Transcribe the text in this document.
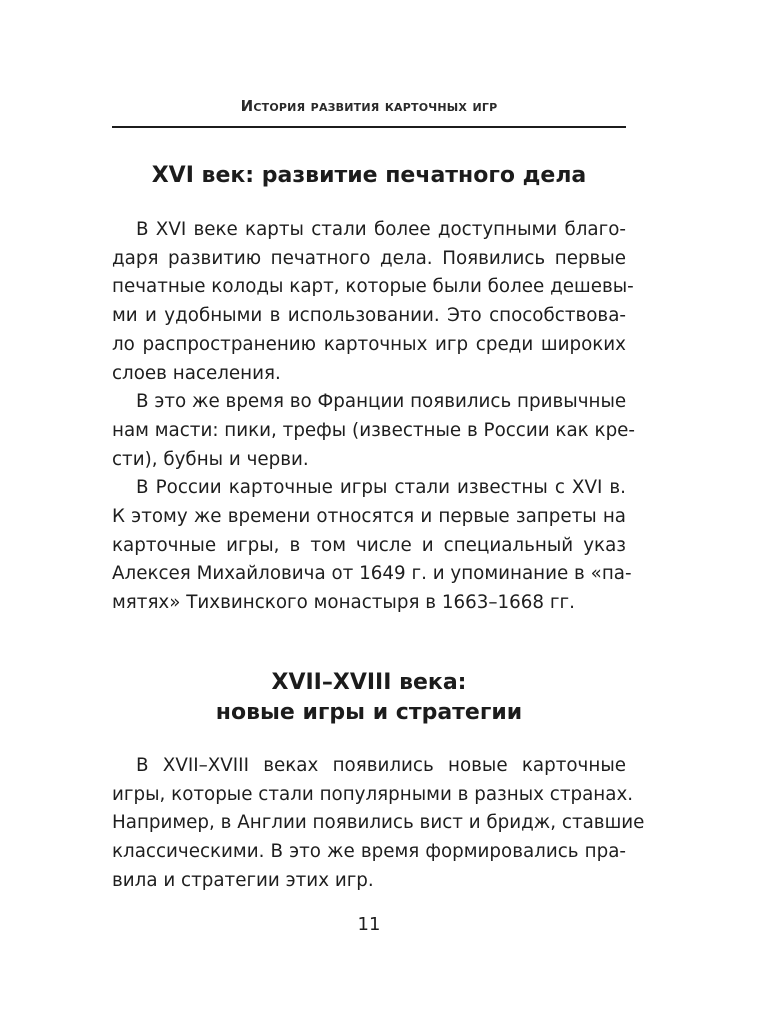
История развития карточных игр
XVI век: развитие печатного дела

В XVI веке карты стали более доступными благо-
даря развитию печатного дела. Появились первые
печатные колоды карт, которые были более дешевы-
ми и удобными в использовании. Это способствова-
ло распространению карточных игр среди широких
слоев населения.

В это же время во Франции появились привычные
нам масти: пики, трефы (известные в России как кре-
сти), бубны и черви.

В России карточные игры стали известны с XVI в.
К этому же времени относятся и первые запреты на
карточные игры, в том числе и специальный указ
Алексея Михайловича от 1649 г. и упоминание в «па-
мятях» Тихвинского монастыря в 1663–1668 гг.

XVII–XVIII века:
новые игры и стратегии

В XVII–XVIII веках появились новые карточные
игры, которые стали популярными в разных странах.
Например, в Англии появились вист и бридж, ставшие
классическими. В это же время формировались пра-
вила и стратегии этих игр.

11
